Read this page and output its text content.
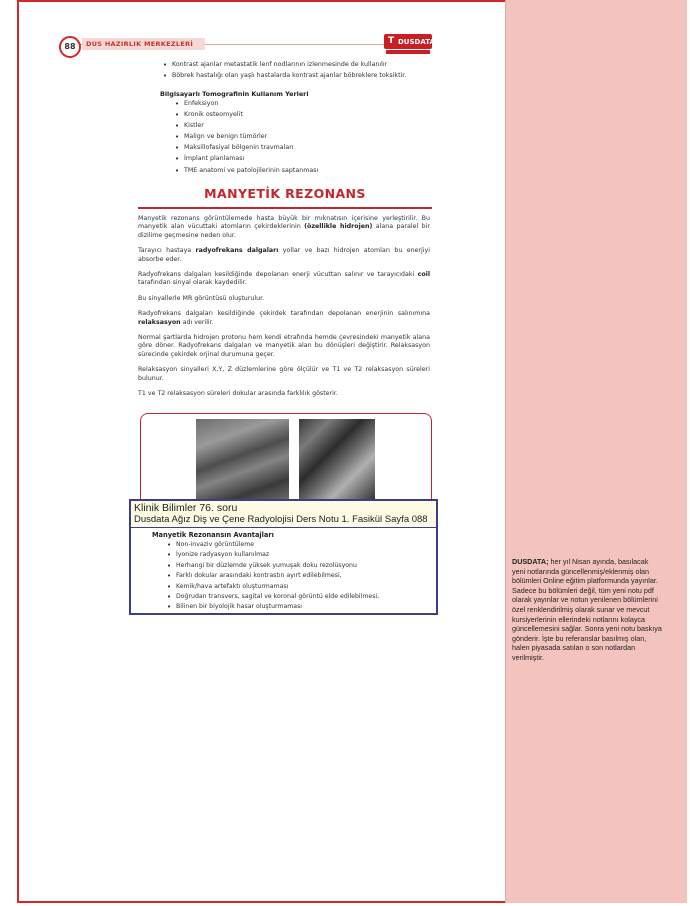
DUSDATA; her yıl Nisan ayında, basılacak yeni notlarında güncellenmiş/eklenmiş olan bölümleri Online eğitim platformunda yayınlar. Sadece bu bölümleri değil, tüm yeni notu pdf olarak yayınlar ve notun yenilenen bölümlerini özel renklendirilmiş olarak sunar ve mevcut kursiyerlerinin ellerindeki notlarını kolayca güncellemesini sağlar. Sonra yeni notu baskıya gönderir. İşte bu referanslar basılmış olan, halen piyasada satılan o son notlardan verilmiştir.
DUS HAZIRLIK MERKEZLERİ
88
T DUSDATA
• Kontrast ajanlar metastatik lenf nodlarının izlenmesinde de kullanılır
• Böbrek hastalığı olan yaşlı hastalarda kontrast ajanlar böbreklere toksiktir.
Bilgisayarlı Tomografinin Kullanım Yerleri
• Enfeksiyon
• Kronik osteomyelit
• Kistler
• Malign ve benign tümörler
• Maksillofasiyal bölgenin travmaları
• İmplant planlaması
• TME anatomi ve patolojilerinin saptanması
MANYETİK REZONANS

Manyetik rezonans görüntülemede hasta büyük bir mıknatısın içerisine yerleştirilir. Bu manyetik alan vücuttaki atomların çekirdeklerinin (özellikle hidrojen) alana paralel bir dizilime geçmesine neden olur.

Tarayıcı hastaya radyofrekans dalgaları yollar ve bazı hidrojen atomları bu enerjiyi absorbe eder.

Radyofrekans dalgaları kesildiğinde depolanan enerji vücuttan salınır ve tarayıcıdaki coil tarafından sinyal olarak kaydedilir.

Bu sinyallerle MR görüntüsü oluşturulur.

Radyofrekans dalgaları kesildiğinde çekirdek tarafından depolanan enerjinin salınımına relaksasyon adı verilir.

Normal şartlarda hidrojen protonu hem kendi etrafında hemde çevresindeki manyetik alana göre döner. Radyofrekans dalgaları ve manyetik alan bu dönüşleri değiştirir. Relaksasyon sürecinde çekirdek orjinal durumuna geçer.

Relaksasyon sinyalleri X,Y, Z düzlemlerine göre ölçülür ve T1 ve T2 relaksasyon süreleri bulunur.

T1 ve T2 relaksasyon süreleri dokular arasında farklılık gösterir.

Klinik Bilimler 76. soru
Dusdata Ağız Diş ve Çene Radyolojisi Ders Notu 1. Fasikül Sayfa 088
Manyetik Rezonansın Avantajları
• Non-invaziv görüntüleme
• İyonize radyasyon kullanılmaz
• Herhangi bir düzlemde yüksek yumuşak doku rezolüsyonu
• Farklı dokular arasındaki kontrastın ayırt edilebilmesi,
• Kemik/hava artefaktı oluşturmaması
• Doğrudan transvers, sagital ve koronal görüntü elde edilebilmesi,
• Bilinen bir biyolojik hasar oluşturmaması
